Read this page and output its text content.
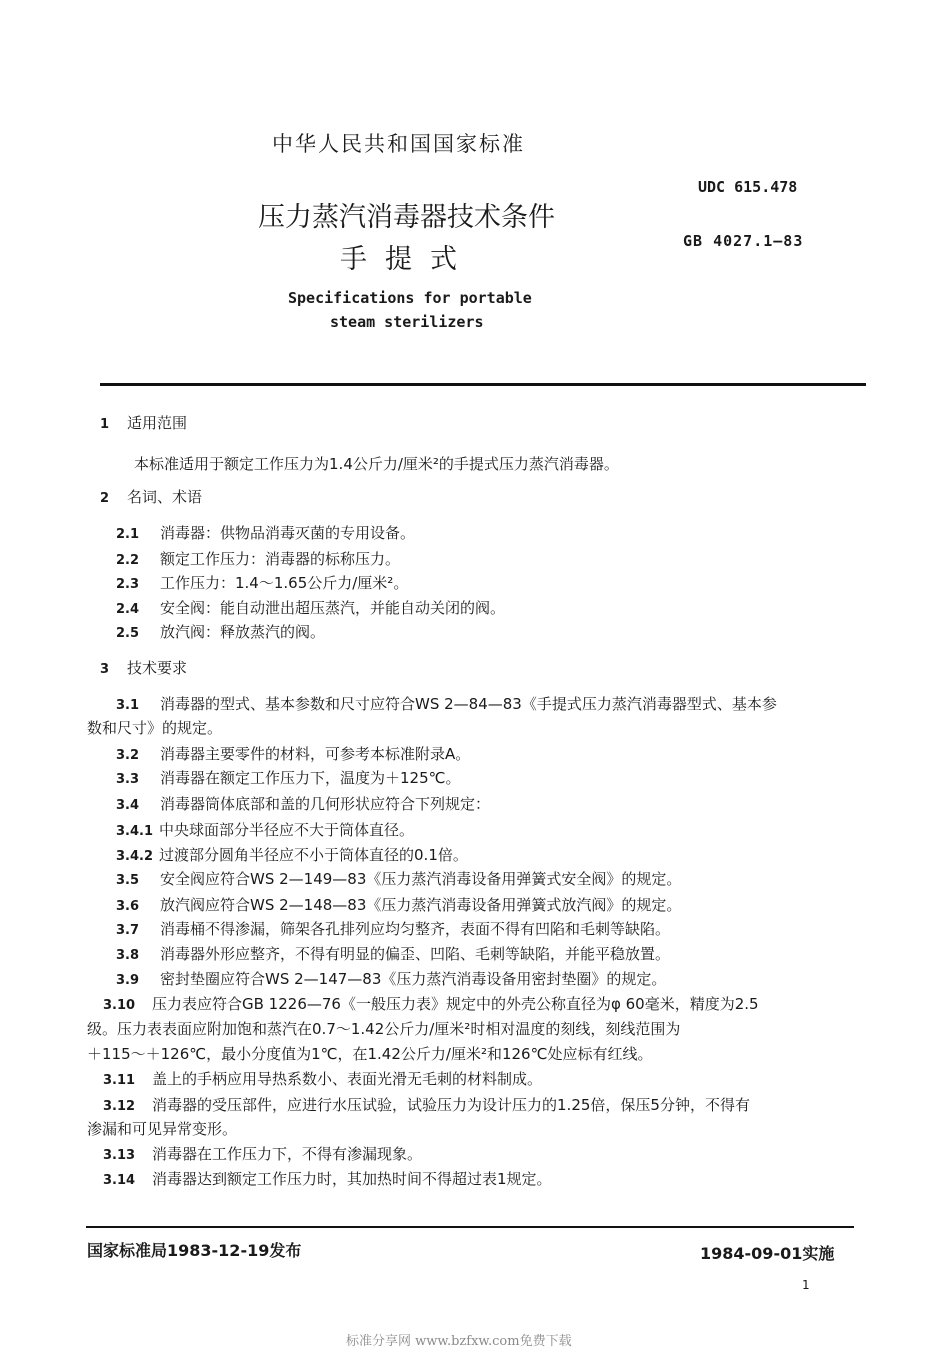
中华人民共和国国家标准
UDC 615.478
压力蒸汽消毒器技术条件
手提式
GB 4027.1—83
Specifications for portable
steam sterilizers
1 适用范围
本标准适用于额定工作压力为1.4公斤力/厘米²的手提式压力蒸汽消毒器。
2 名词、术语
2.1 消毒器：供物品消毒灭菌的专用设备。
2.2 额定工作压力：消毒器的标称压力。
2.3 工作压力：1.4～1.65公斤力/厘米²。
2.4 安全阀：能自动泄出超压蒸汽，并能自动关闭的阀。
2.5 放汽阀：释放蒸汽的阀。
3 技术要求
3.1 消毒器的型式、基本参数和尺寸应符合WS 2—84—83《手提式压力蒸汽消毒器型式、基本参
数和尺寸》的规定。
3.2 消毒器主要零件的材料，可参考本标准附录A。
3.3 消毒器在额定工作压力下，温度为＋125℃。
3.4 消毒器筒体底部和盖的几何形状应符合下列规定：
3.4.1 中央球面部分半径应不大于筒体直径。
3.4.2 过渡部分圆角半径应不小于筒体直径的0.1倍。
3.5 安全阀应符合WS 2—149—83《压力蒸汽消毒设备用弹簧式安全阀》的规定。
3.6 放汽阀应符合WS 2—148—83《压力蒸汽消毒设备用弹簧式放汽阀》的规定。
3.7 消毒桶不得渗漏，筛架各孔排列应均匀整齐，表面不得有凹陷和毛刺等缺陷。
3.8 消毒器外形应整齐，不得有明显的偏歪、凹陷、毛刺等缺陷，并能平稳放置。
3.9 密封垫圈应符合WS 2—147—83《压力蒸汽消毒设备用密封垫圈》的规定。
3.10 压力表应符合GB 1226—76《一般压力表》规定中的外壳公称直径为φ 60毫米，精度为2.5
级。压力表表面应附加饱和蒸汽在0.7～1.42公斤力/厘米²时相对温度的刻线，刻线范围为
＋115～＋126℃，最小分度值为1℃，在1.42公斤力/厘米²和126℃处应标有红线。
3.11 盖上的手柄应用导热系数小、表面光滑无毛刺的材料制成。
3.12 消毒器的受压部件，应进行水压试验，试验压力为设计压力的1.25倍，保压5分钟，不得有
渗漏和可见异常变形。
3.13 消毒器在工作压力下，不得有渗漏现象。
3.14 消毒器达到额定工作压力时，其加热时间不得超过表1规定。
国家标准局1983-12-19发布	1984-09-01实施
1
标准分享网 www.bzfxw.com免费下载
